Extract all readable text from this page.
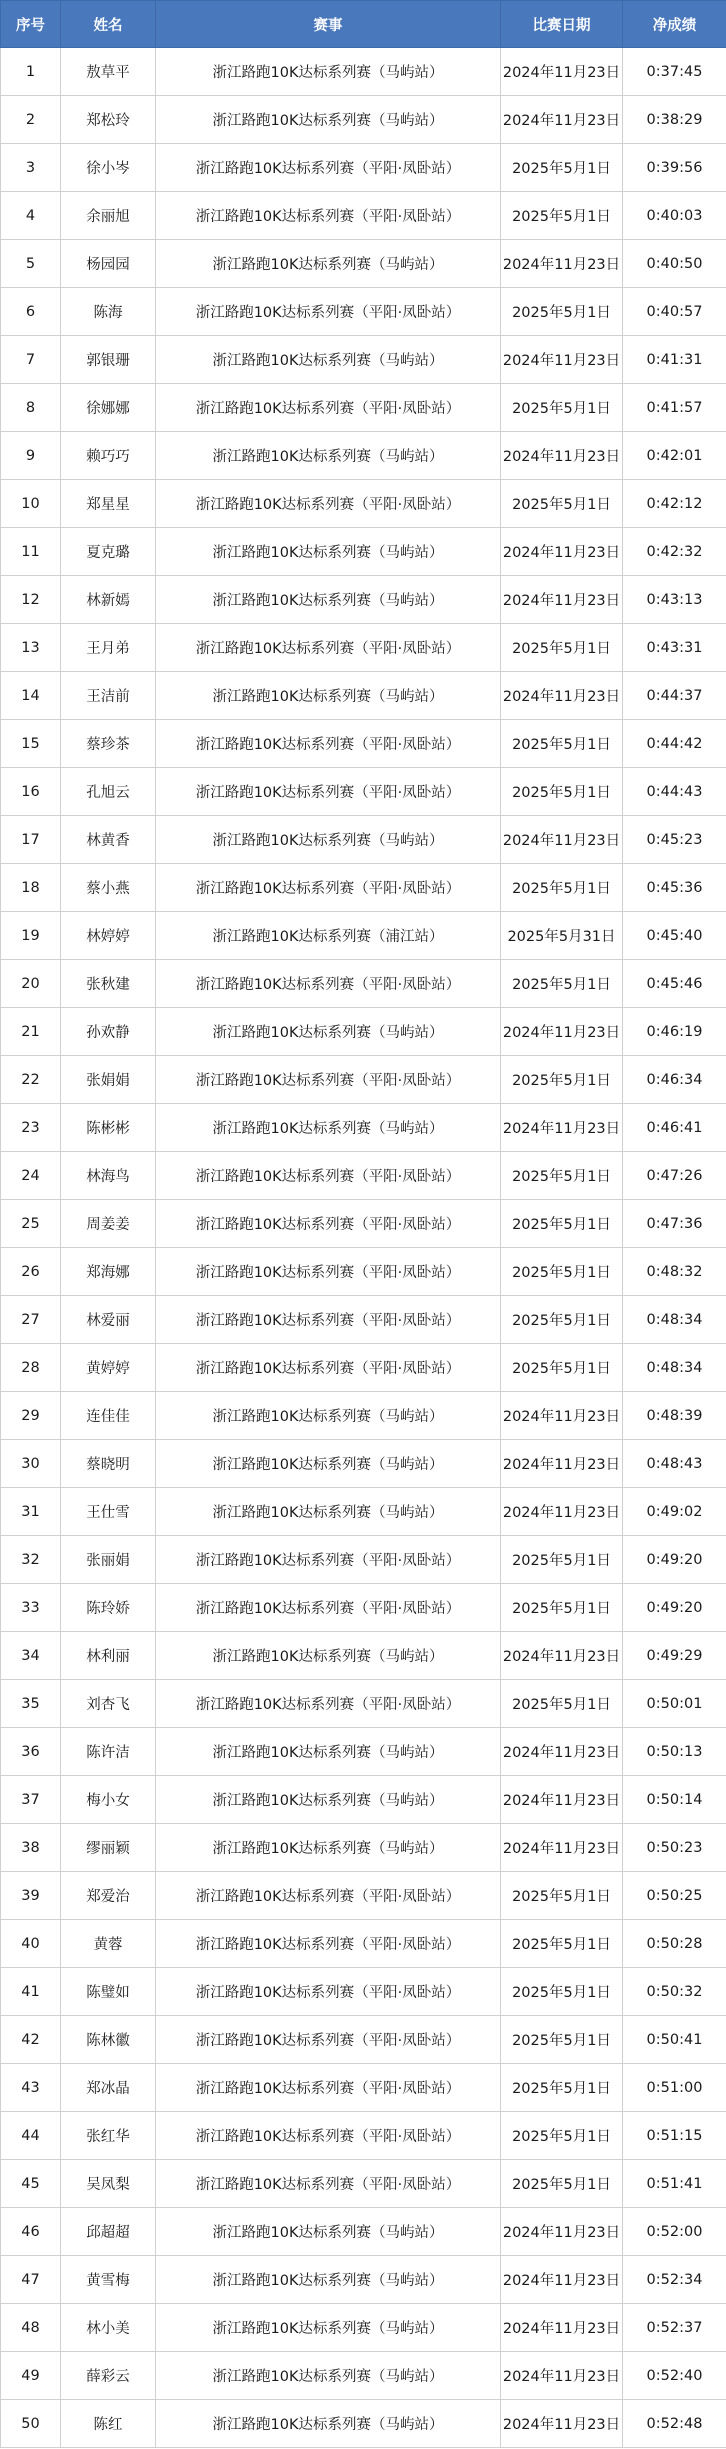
序号	姓名	赛事	比赛日期	净成绩
1	敖草平	浙江路跑10K达标系列赛（马屿站）	2024年11月23日	0:37:45
2	郑松玲	浙江路跑10K达标系列赛（马屿站）	2024年11月23日	0:38:29
3	徐小岑	浙江路跑10K达标系列赛（平阳·凤卧站）	2025年5月1日	0:39:56
4	余丽旭	浙江路跑10K达标系列赛（平阳·凤卧站）	2025年5月1日	0:40:03
5	杨园园	浙江路跑10K达标系列赛（马屿站）	2024年11月23日	0:40:50
6	陈海	浙江路跑10K达标系列赛（平阳·凤卧站）	2025年5月1日	0:40:57
7	郭银珊	浙江路跑10K达标系列赛（马屿站）	2024年11月23日	0:41:31
8	徐娜娜	浙江路跑10K达标系列赛（平阳·凤卧站）	2025年5月1日	0:41:57
9	赖巧巧	浙江路跑10K达标系列赛（马屿站）	2024年11月23日	0:42:01
10	郑星星	浙江路跑10K达标系列赛（平阳·凤卧站）	2025年5月1日	0:42:12
11	夏克璐	浙江路跑10K达标系列赛（马屿站）	2024年11月23日	0:42:32
12	林新嫣	浙江路跑10K达标系列赛（马屿站）	2024年11月23日	0:43:13
13	王月弟	浙江路跑10K达标系列赛（平阳·凤卧站）	2025年5月1日	0:43:31
14	王洁前	浙江路跑10K达标系列赛（马屿站）	2024年11月23日	0:44:37
15	蔡珍茶	浙江路跑10K达标系列赛（平阳·凤卧站）	2025年5月1日	0:44:42
16	孔旭云	浙江路跑10K达标系列赛（平阳·凤卧站）	2025年5月1日	0:44:43
17	林黄香	浙江路跑10K达标系列赛（马屿站）	2024年11月23日	0:45:23
18	蔡小燕	浙江路跑10K达标系列赛（平阳·凤卧站）	2025年5月1日	0:45:36
19	林婷婷	浙江路跑10K达标系列赛（浦江站）	2025年5月31日	0:45:40
20	张秋建	浙江路跑10K达标系列赛（平阳·凤卧站）	2025年5月1日	0:45:46
21	孙欢静	浙江路跑10K达标系列赛（马屿站）	2024年11月23日	0:46:19
22	张娟娟	浙江路跑10K达标系列赛（平阳·凤卧站）	2025年5月1日	0:46:34
23	陈彬彬	浙江路跑10K达标系列赛（马屿站）	2024年11月23日	0:46:41
24	林海鸟	浙江路跑10K达标系列赛（平阳·凤卧站）	2025年5月1日	0:47:26
25	周姜姜	浙江路跑10K达标系列赛（平阳·凤卧站）	2025年5月1日	0:47:36
26	郑海娜	浙江路跑10K达标系列赛（平阳·凤卧站）	2025年5月1日	0:48:32
27	林爱丽	浙江路跑10K达标系列赛（平阳·凤卧站）	2025年5月1日	0:48:34
28	黄婷婷	浙江路跑10K达标系列赛（平阳·凤卧站）	2025年5月1日	0:48:34
29	连佳佳	浙江路跑10K达标系列赛（马屿站）	2024年11月23日	0:48:39
30	蔡晓明	浙江路跑10K达标系列赛（马屿站）	2024年11月23日	0:48:43
31	王仕雪	浙江路跑10K达标系列赛（马屿站）	2024年11月23日	0:49:02
32	张丽娟	浙江路跑10K达标系列赛（平阳·凤卧站）	2025年5月1日	0:49:20
33	陈玲娇	浙江路跑10K达标系列赛（平阳·凤卧站）	2025年5月1日	0:49:20
34	林利丽	浙江路跑10K达标系列赛（马屿站）	2024年11月23日	0:49:29
35	刘杏飞	浙江路跑10K达标系列赛（平阳·凤卧站）	2025年5月1日	0:50:01
36	陈许洁	浙江路跑10K达标系列赛（马屿站）	2024年11月23日	0:50:13
37	梅小女	浙江路跑10K达标系列赛（马屿站）	2024年11月23日	0:50:14
38	缪丽颖	浙江路跑10K达标系列赛（马屿站）	2024年11月23日	0:50:23
39	郑爱治	浙江路跑10K达标系列赛（平阳·凤卧站）	2025年5月1日	0:50:25
40	黄蓉	浙江路跑10K达标系列赛（平阳·凤卧站）	2025年5月1日	0:50:28
41	陈璧如	浙江路跑10K达标系列赛（平阳·凤卧站）	2025年5月1日	0:50:32
42	陈林徽	浙江路跑10K达标系列赛（平阳·凤卧站）	2025年5月1日	0:50:41
43	郑冰晶	浙江路跑10K达标系列赛（平阳·凤卧站）	2025年5月1日	0:51:00
44	张红华	浙江路跑10K达标系列赛（平阳·凤卧站）	2025年5月1日	0:51:15
45	吴凤梨	浙江路跑10K达标系列赛（平阳·凤卧站）	2025年5月1日	0:51:41
46	邱超超	浙江路跑10K达标系列赛（马屿站）	2024年11月23日	0:52:00
47	黄雪梅	浙江路跑10K达标系列赛（马屿站）	2024年11月23日	0:52:34
48	林小美	浙江路跑10K达标系列赛（马屿站）	2024年11月23日	0:52:37
49	薛彩云	浙江路跑10K达标系列赛（马屿站）	2024年11月23日	0:52:40
50	陈红	浙江路跑10K达标系列赛（马屿站）	2024年11月23日	0:52:48
